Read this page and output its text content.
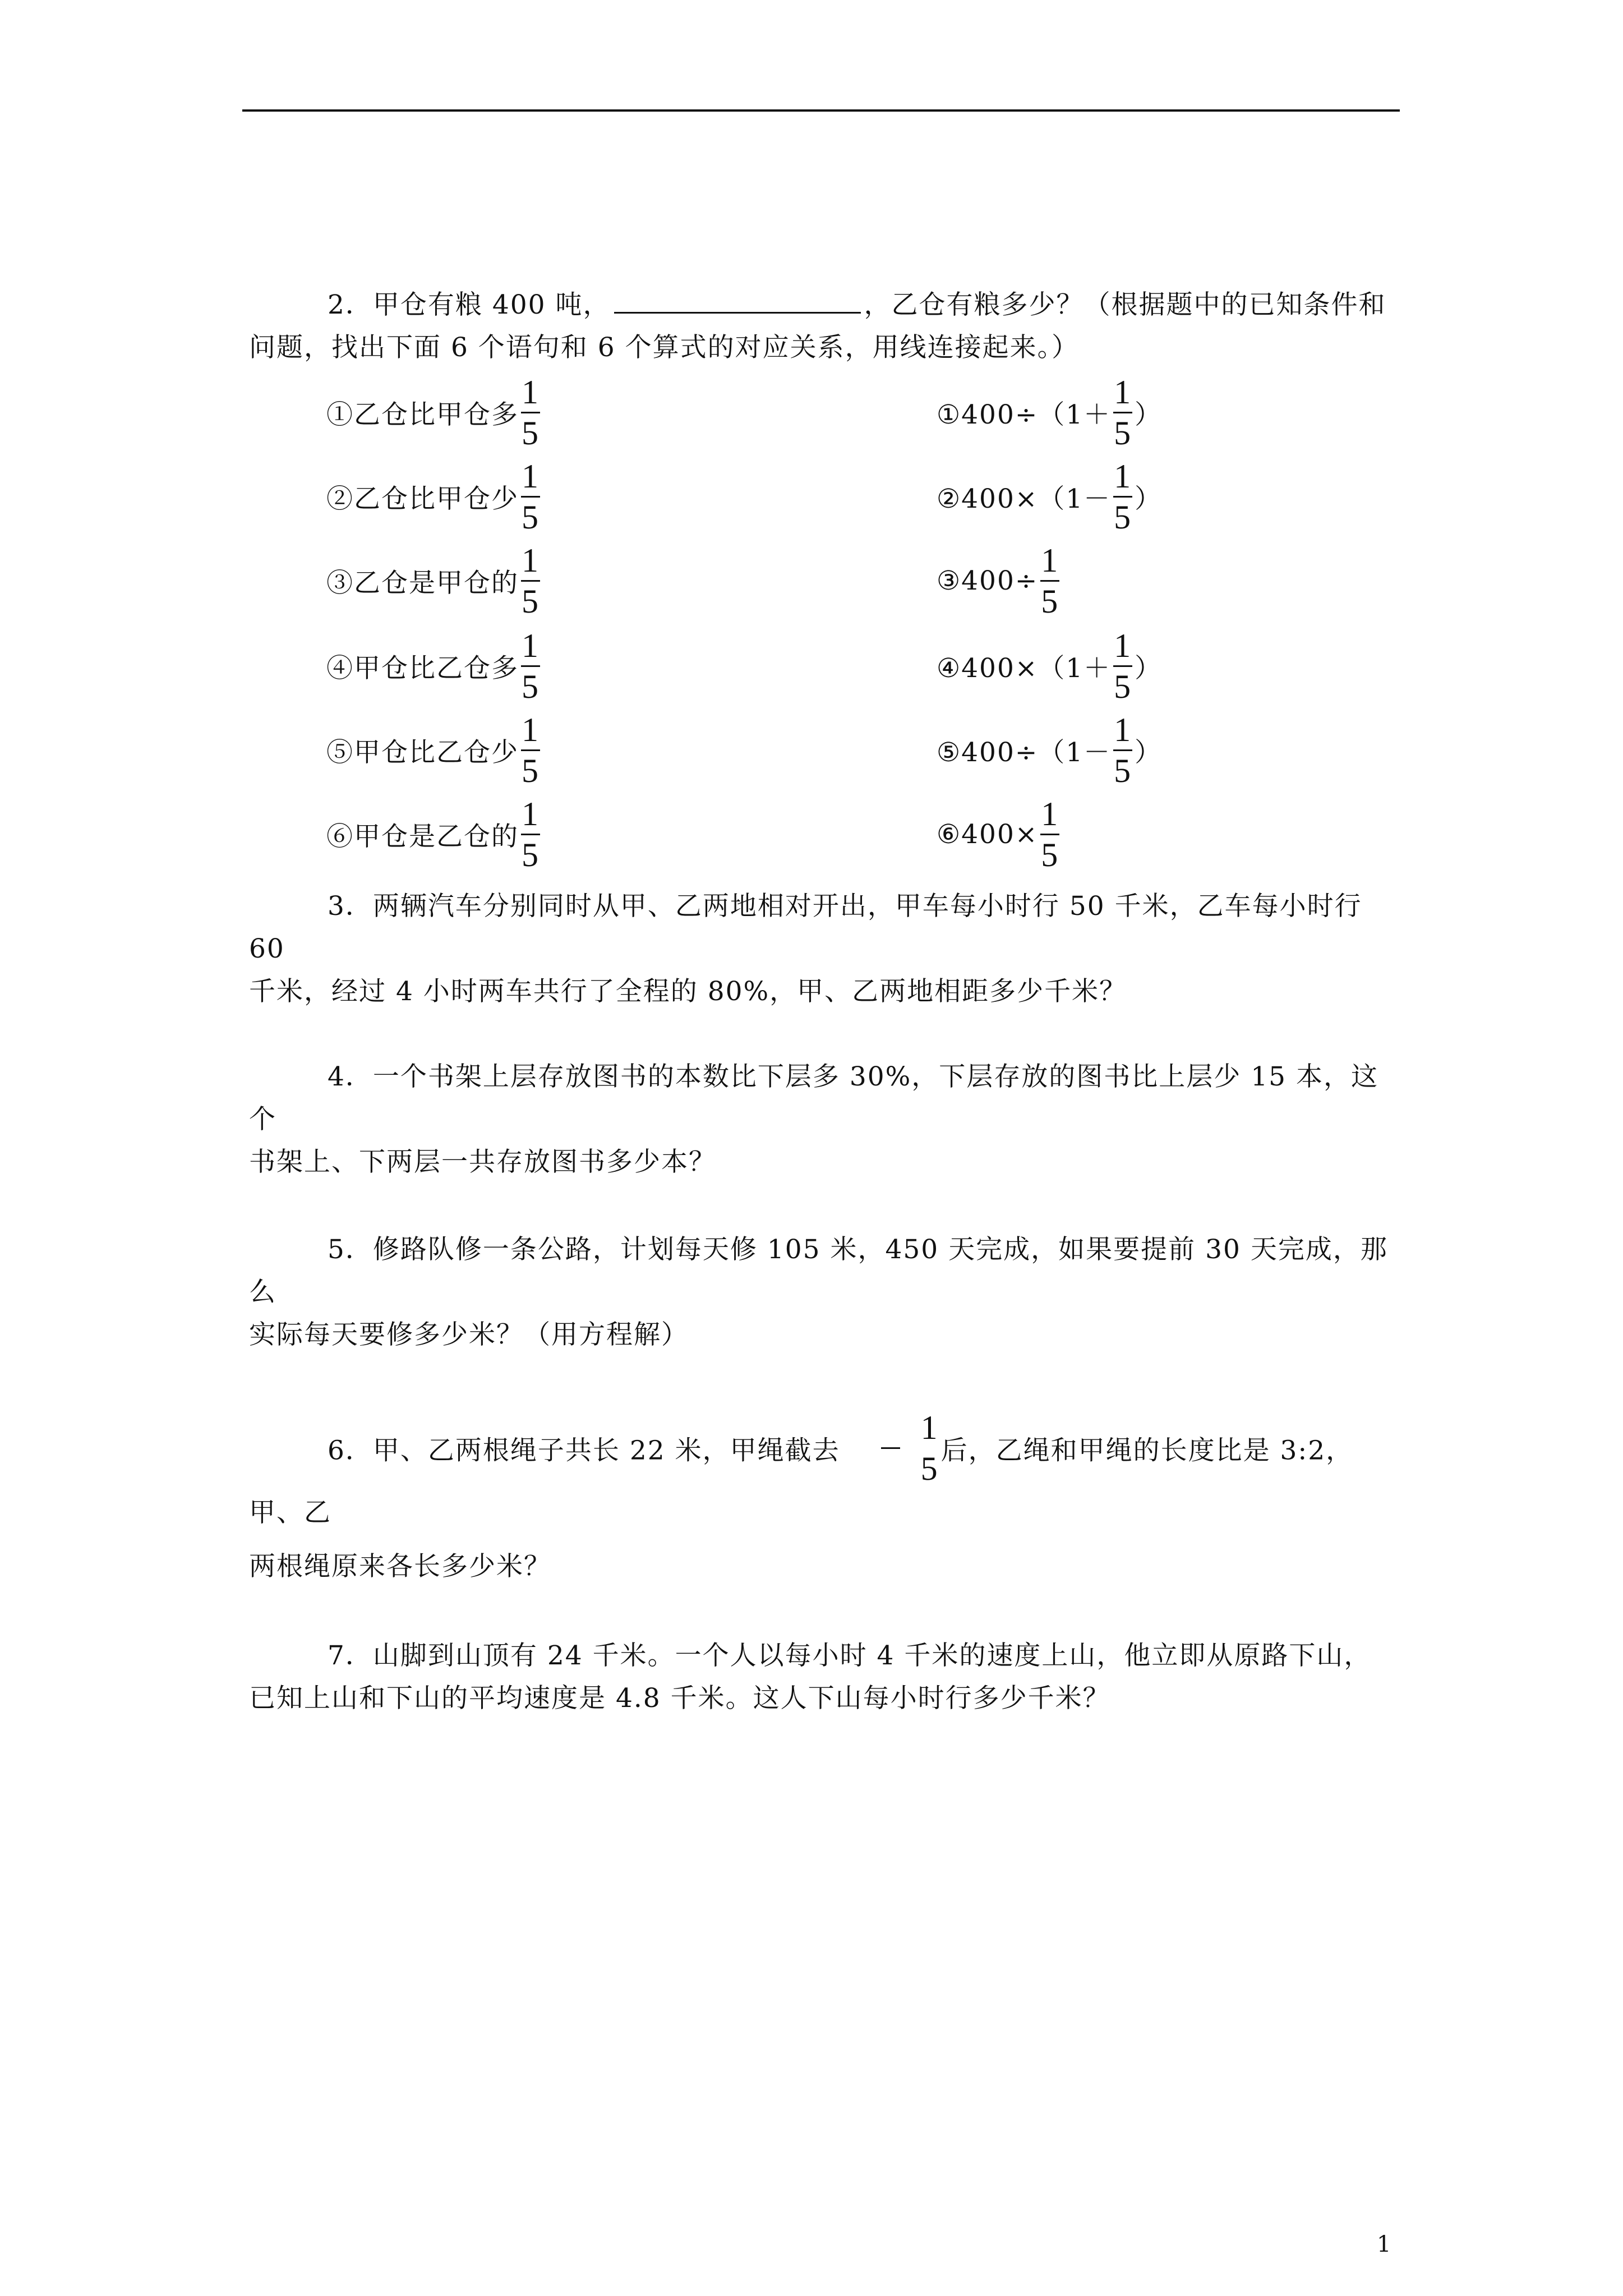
2．甲仓有粮 400 吨，	，乙仓有粮多少？（根据题中的已知条件和

问题，找出下面 6 个语句和 6 个算式的对应关系，用线连接起来。）

①乙仓比甲仓多 $\frac{1}{5}$
②乙仓比甲仓少 $\frac{1}{5}$
③乙仓是甲仓的 $\frac{1}{5}$
④甲仓比乙仓多 $\frac{1}{5}$
⑤甲仓比乙仓少 $\frac{1}{5}$
⑥甲仓是乙仓的 $\frac{1}{5}$
①400÷（1＋ $\frac{1}{5}$ ）
②400×（1－ $\frac{1}{5}$ ）
③400÷ $\frac{1}{5}$
④400×（1＋ $\frac{1}{5}$ ）
⑤400÷（1－ $\frac{1}{5}$ ）
⑥400× $\frac{1}{5}$

3．两辆汽车分别同时从甲、乙两地相对开出，甲车每小时行 50 千米，乙车每小时行 60

千米，经过 4 小时两车共行了全程的 80%，甲、乙两地相距多少千米？

4．一个书架上层存放图书的本数比下层多 30%，下层存放的图书比上层少 15 本，这个

书架上、下两层一共存放图书多少本？

5．修路队修一条公路，计划每天修 105 米，450 天完成，如果要提前 30 天完成，那么

实际每天要修多少米？（用方程解）

6．甲、乙两根绳子共长 22 米，甲绳截去 $\frac{1}{5}$ 后，乙绳和甲绳的长度比是 3:2，甲、乙

两根绳原来各长多少米？

7．山脚到山顶有 24 千米。一个人以每小时 4 千米的速度上山，他立即从原路下山，

已知上山和下山的平均速度是 4.8 千米。这人下山每小时行多少千米？

1
